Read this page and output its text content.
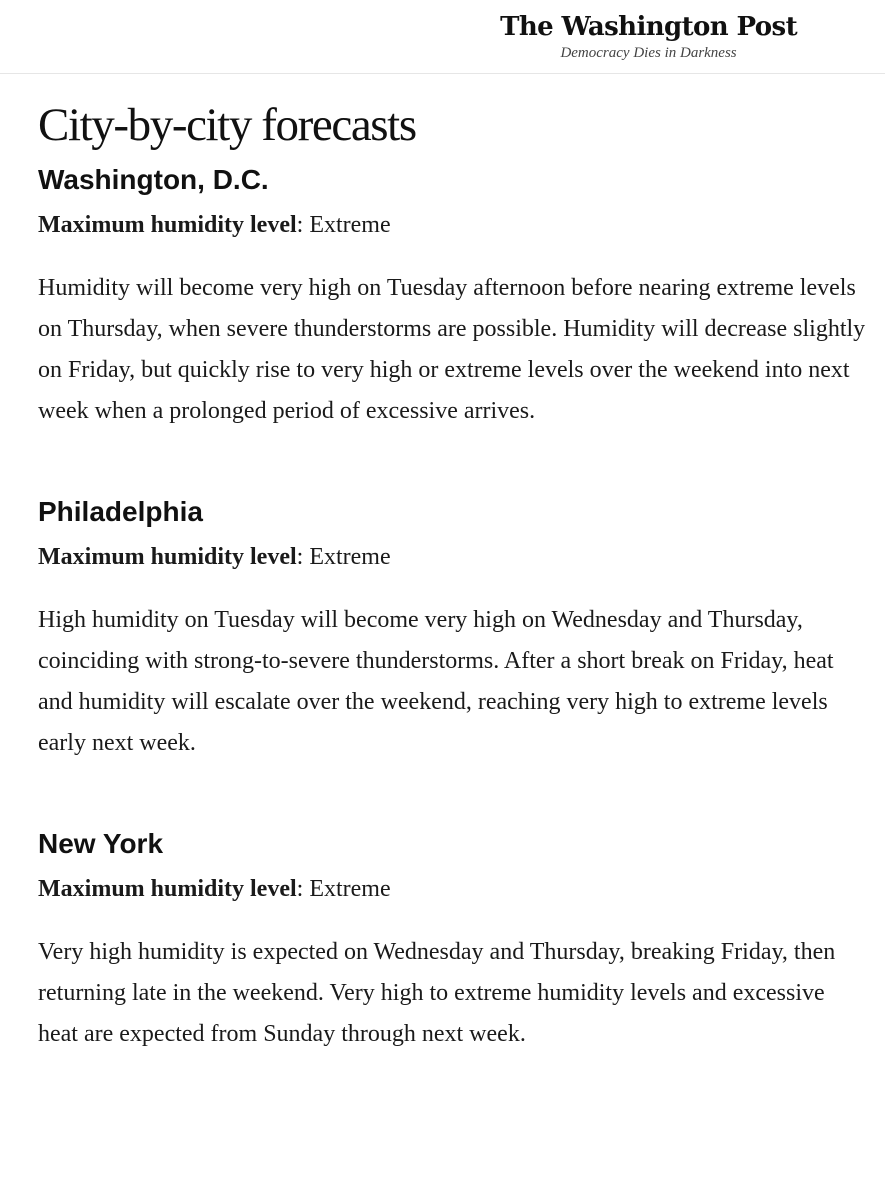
The Washington Post
Democracy Dies in Darkness
City-by-city forecasts
Washington, D.C.

Maximum humidity level: Extreme

Humidity will become very high on Tuesday afternoon before nearing extreme levels on Thursday, when severe thunderstorms are possible. Humidity will decrease slightly on Friday, but quickly rise to very high or extreme levels over the weekend into next week when a prolonged period of excessive arrives.

Philadelphia

Maximum humidity level: Extreme

High humidity on Tuesday will become very high on Wednesday and Thursday, coinciding with strong-to-severe thunderstorms. After a short break on Friday, heat and humidity will escalate over the weekend, reaching very high to extreme levels early next week.

New York

Maximum humidity level: Extreme

Very high humidity is expected on Wednesday and Thursday, breaking Friday, then returning late in the weekend. Very high to extreme humidity levels and excessive heat are expected from Sunday through next week.
